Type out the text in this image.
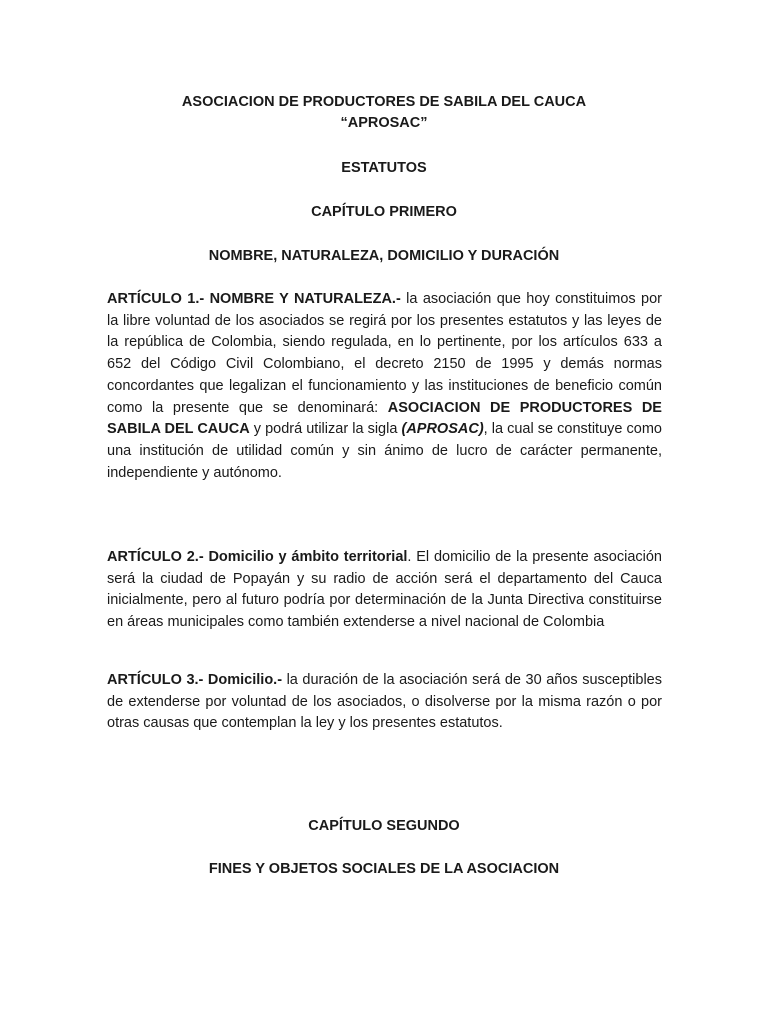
ASOCIACION DE PRODUCTORES DE SABILA DEL CAUCA
“APROSAC”
ESTATUTOS
CAPÍTULO PRIMERO
NOMBRE, NATURALEZA, DOMICILIO Y DURACIÓN
ARTÍCULO 1.- NOMBRE Y NATURALEZA.- la asociación que hoy constituimos por la libre voluntad de los asociados se regirá por los presentes estatutos y las leyes de la república de Colombia, siendo regulada, en lo pertinente, por los artículos 633 a 652 del Código Civil Colombiano, el decreto 2150 de 1995 y demás normas concordantes que legalizan el funcionamiento y las instituciones de beneficio común como la presente que se denominará: ASOCIACION DE PRODUCTORES DE SABILA DEL CAUCA y podrá utilizar la sigla (APROSAC), la cual se constituye como una institución de utilidad común y sin ánimo de lucro de carácter permanente, independiente y autónomo.
ARTÍCULO 2.- Domicilio y ámbito territorial. El domicilio de la presente asociación será la ciudad de Popayán y su radio de acción será el departamento del Cauca inicialmente, pero al futuro podría por determinación de la Junta Directiva constituirse en áreas municipales como también extenderse a nivel nacional de Colombia
ARTÍCULO 3.- Domicilio.- la duración de la asociación será de 30 años susceptibles de extenderse por voluntad de los asociados, o disolverse por la misma razón o por otras causas que contemplan la ley y los presentes estatutos.
CAPÍTULO SEGUNDO
FINES Y OBJETOS SOCIALES DE LA ASOCIACION
